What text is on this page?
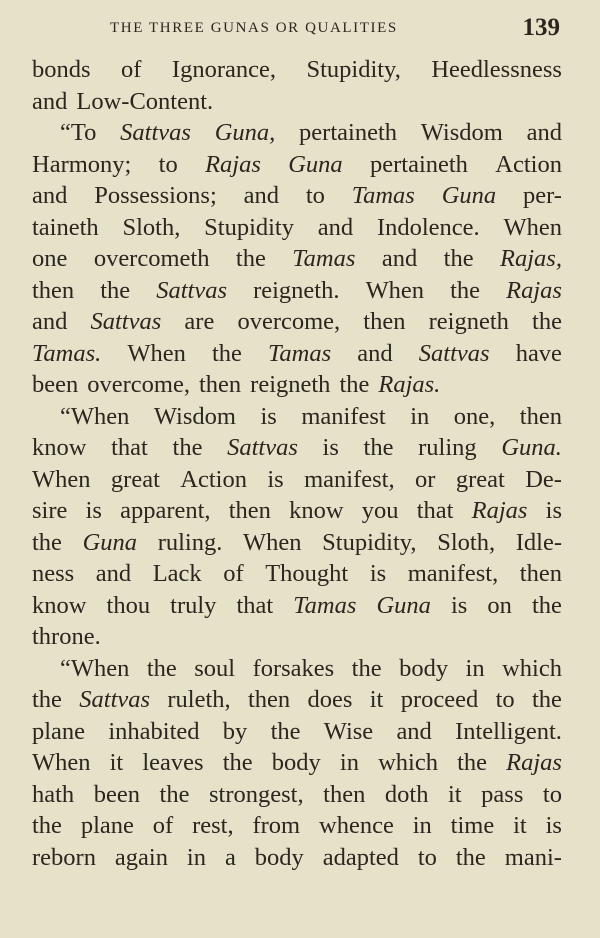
THE THREE GUNAS OR QUALITIES	139
bonds of Ignorance, Stupidity, Heedlessness
and Low-Content.
“To Sattvas Guna, pertaineth Wisdom and
Harmony; to Rajas Guna pertaineth Action
and Possessions; and to Tamas Guna per-
taineth Sloth, Stupidity and Indolence. When
one overcometh the Tamas and the Rajas,
then the Sattvas reigneth. When the Rajas
and Sattvas are overcome, then reigneth the
Tamas. When the Tamas and Sattvas have
been overcome, then reigneth the Rajas.
“When Wisdom is manifest in one, then
know that the Sattvas is the ruling Guna.
When great Action is manifest, or great De-
sire is apparent, then know you that Rajas is
the Guna ruling. When Stupidity, Sloth, Idle-
ness and Lack of Thought is manifest, then
know thou truly that Tamas Guna is on the
throne.
“When the soul forsakes the body in which
the Sattvas ruleth, then does it proceed to the
plane inhabited by the Wise and Intelligent.
When it leaves the body in which the Rajas
hath been the strongest, then doth it pass to
the plane of rest, from whence in time it is
reborn again in a body adapted to the mani-
